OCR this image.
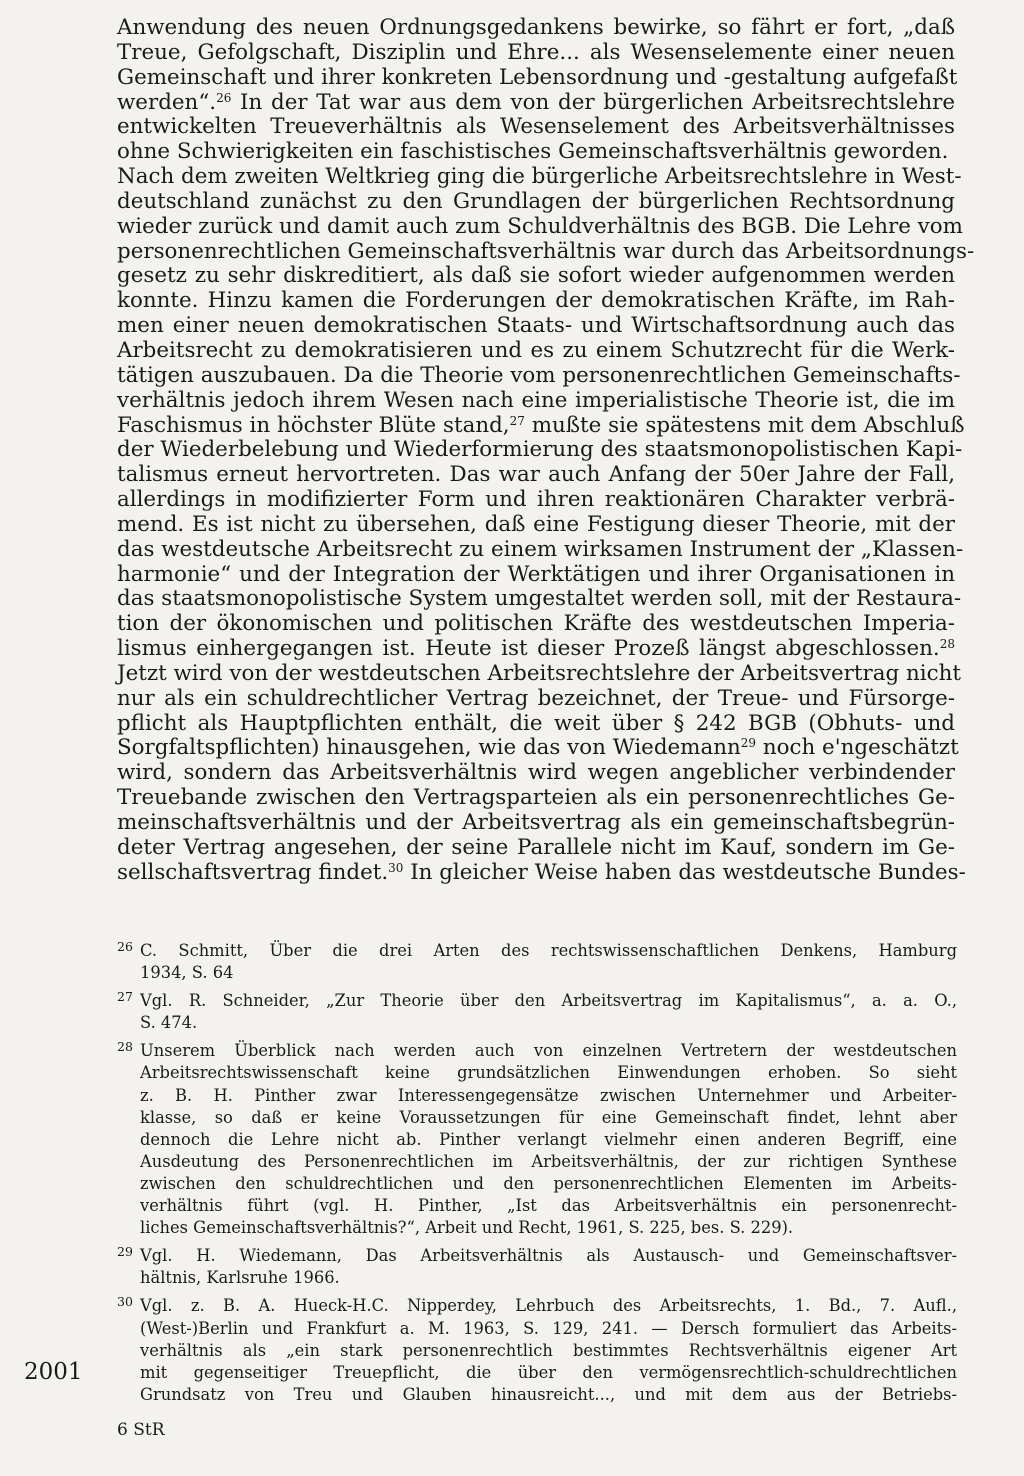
Anwendung des neuen Ordnungsgedankens bewirke, so fährt er fort, „daß
Treue, Gefolgschaft, Disziplin und Ehre... als Wesenselemente einer neuen
Gemeinschaft und ihrer konkreten Lebensordnung und -gestaltung aufgefaßt
werden“.$^{26}$ In der Tat war aus dem von der bürgerlichen Arbeitsrechtslehre
entwickelten Treueverhältnis als Wesenselement des Arbeitsverhältnisses
ohne Schwierigkeiten ein faschistisches Gemeinschaftsverhältnis geworden.
Nach dem zweiten Weltkrieg ging die bürgerliche Arbeitsrechtslehre in West-
deutschland zunächst zu den Grundlagen der bürgerlichen Rechtsordnung
wieder zurück und damit auch zum Schuldverhältnis des BGB. Die Lehre vom
personenrechtlichen Gemeinschaftsverhältnis war durch das Arbeitsordnungs-
gesetz zu sehr diskreditiert, als daß sie sofort wieder aufgenommen werden
konnte. Hinzu kamen die Forderungen der demokratischen Kräfte, im Rah-
men einer neuen demokratischen Staats- und Wirtschaftsordnung auch das
Arbeitsrecht zu demokratisieren und es zu einem Schutzrecht für die Werk-
tätigen auszubauen. Da die Theorie vom personenrechtlichen Gemeinschafts-
verhältnis jedoch ihrem Wesen nach eine imperialistische Theorie ist, die im
Faschismus in höchster Blüte stand,$^{27}$ mußte sie spätestens mit dem Abschluß
der Wiederbelebung und Wiederformierung des staatsmonopolistischen Kapi-
talismus erneut hervortreten. Das war auch Anfang der 50er Jahre der Fall,
allerdings in modifizierter Form und ihren reaktionären Charakter verbrä-
mend. Es ist nicht zu übersehen, daß eine Festigung dieser Theorie, mit der
das westdeutsche Arbeitsrecht zu einem wirksamen Instrument der „Klassen-
harmonie“ und der Integration der Werktätigen und ihrer Organisationen in
das staatsmonopolistische System umgestaltet werden soll, mit der Restaura-
tion der ökonomischen und politischen Kräfte des westdeutschen Imperia-
lismus einhergegangen ist. Heute ist dieser Prozeß längst abgeschlossen.$^{28}$
Jetzt wird von der westdeutschen Arbeitsrechtslehre der Arbeitsvertrag nicht
nur als ein schuldrechtlicher Vertrag bezeichnet, der Treue- und Fürsorge-
pflicht als Hauptpflichten enthält, die weit über § 242 BGB (Obhuts- und
Sorgfaltspflichten) hinausgehen, wie das von Wiedemann$^{29}$ noch e'ngeschätzt
wird, sondern das Arbeitsverhältnis wird wegen angeblicher verbindender
Treuebande zwischen den Vertragsparteien als ein personenrechtliches Ge-
meinschaftsverhältnis und der Arbeitsvertrag als ein gemeinschaftsbegrün-
deter Vertrag angesehen, der seine Parallele nicht im Kauf, sondern im Ge-
sellschaftsvertrag findet.$^{30}$ In gleicher Weise haben das westdeutsche Bundes-
26 C. Schmitt, Über die drei Arten des rechtswissenschaftlichen Denkens, Hamburg
1934, S. 64
27 Vgl. R. Schneider, „Zur Theorie über den Arbeitsvertrag im Kapitalismus“, a. a. O.,
S. 474.
28 Unserem Überblick nach werden auch von einzelnen Vertretern der westdeutschen
Arbeitsrechtswissenschaft keine grundsätzlichen Einwendungen erhoben. So sieht
z. B. H. Pinther zwar Interessengegensätze zwischen Unternehmer und Arbeiter-
klasse, so daß er keine Voraussetzungen für eine Gemeinschaft findet, lehnt aber
dennoch die Lehre nicht ab. Pinther verlangt vielmehr einen anderen Begriff, eine
Ausdeutung des Personenrechtlichen im Arbeitsverhältnis, der zur richtigen Synthese
zwischen den schuldrechtlichen und den personenrechtlichen Elementen im Arbeits-
verhältnis führt (vgl. H. Pinther, „Ist das Arbeitsverhältnis ein personenrecht-
liches Gemeinschaftsverhältnis?“, Arbeit und Recht, 1961, S. 225, bes. S. 229).
29 Vgl. H. Wiedemann, Das Arbeitsverhältnis als Austausch- und Gemeinschaftsver-
hältnis, Karlsruhe 1966.
30 Vgl. z. B. A. Hueck-H.C. Nipperdey, Lehrbuch des Arbeitsrechts, 1. Bd., 7. Aufl.,
(West-)Berlin und Frankfurt a. M. 1963, S. 129, 241. — Dersch formuliert das Arbeits-
verhältnis als „ein stark personenrechtlich bestimmtes Rechtsverhältnis eigener Art
mit gegenseitiger Treuepflicht, die über den vermögensrechtlich-schuldrechtlichen
Grundsatz von Treu und Glauben hinausreicht..., und mit dem aus der Betriebs-
2001
6 StR
